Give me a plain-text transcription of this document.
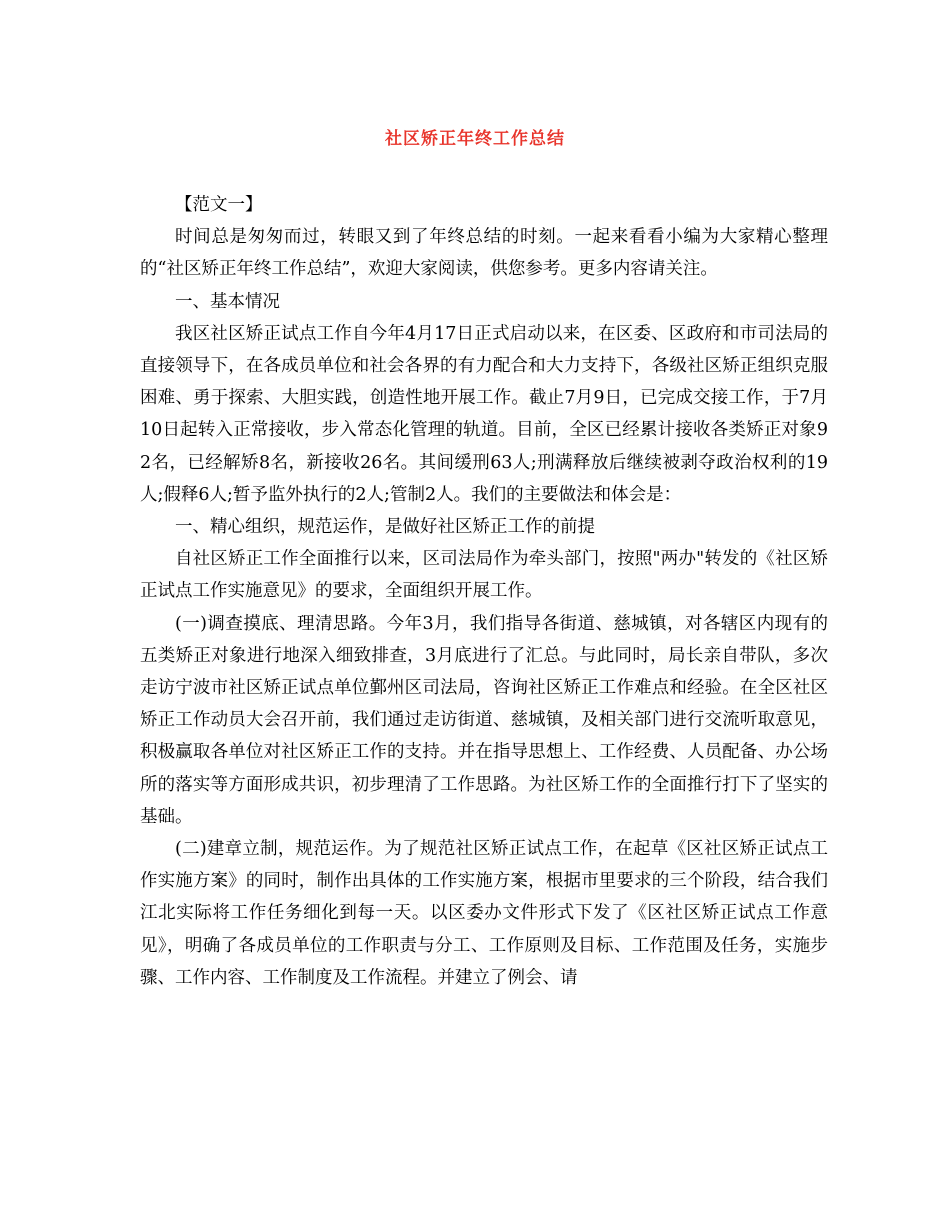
社区矫正年终工作总结

【范文一】

时间总是匆匆而过，转眼又到了年终总结的时刻。一起来看看小编为大家精心整理的“社区矫正年终工作总结”，欢迎大家阅读，供您参考。更多内容请关注。

一、基本情况

我区社区矫正试点工作自今年4月17日正式启动以来，在区委、区政府和市司法局的直接领导下，在各成员单位和社会各界的有力配合和大力支持下，各级社区矫正组织克服困难、勇于探索、大胆实践，创造性地开展工作。截止7月9日，已完成交接工作，于7月10日起转入正常接收，步入常态化管理的轨道。目前，全区已经累计接收各类矫正对象92名，已经解矫8名，新接收26名。其间缓刑63人;刑满释放后继续被剥夺政治权利的19人;假释6人;暂予监外执行的2人;管制2人。我们的主要做法和体会是：

一、精心组织，规范运作，是做好社区矫正工作的前提

自社区矫正工作全面推行以来，区司法局作为牵头部门，按照"两办"转发的《社区矫正试点工作实施意见》的要求，全面组织开展工作。

(一)调查摸底、理清思路。今年3月，我们指导各街道、慈城镇，对各辖区内现有的五类矫正对象进行地深入细致排查，3月底进行了汇总。与此同时，局长亲自带队，多次走访宁波市社区矫正试点单位鄞州区司法局，咨询社区矫正工作难点和经验。在全区社区矫正工作动员大会召开前，我们通过走访街道、慈城镇，及相关部门进行交流听取意见，积极赢取各单位对社区矫正工作的支持。并在指导思想上、工作经费、人员配备、办公场所的落实等方面形成共识，初步理清了工作思路。为社区矫工作的全面推行打下了坚实的基础。

(二)建章立制，规范运作。为了规范社区矫正试点工作，在起草《区社区矫正试点工作实施方案》的同时，制作出具体的工作实施方案，根据市里要求的三个阶段，结合我们江北实际将工作任务细化到每一天。以区委办文件形式下发了《区社区矫正试点工作意见》，明确了各成员单位的工作职责与分工、工作原则及目标、工作范围及任务，实施步骤、工作内容、工作制度及工作流程。并建立了例会、请
